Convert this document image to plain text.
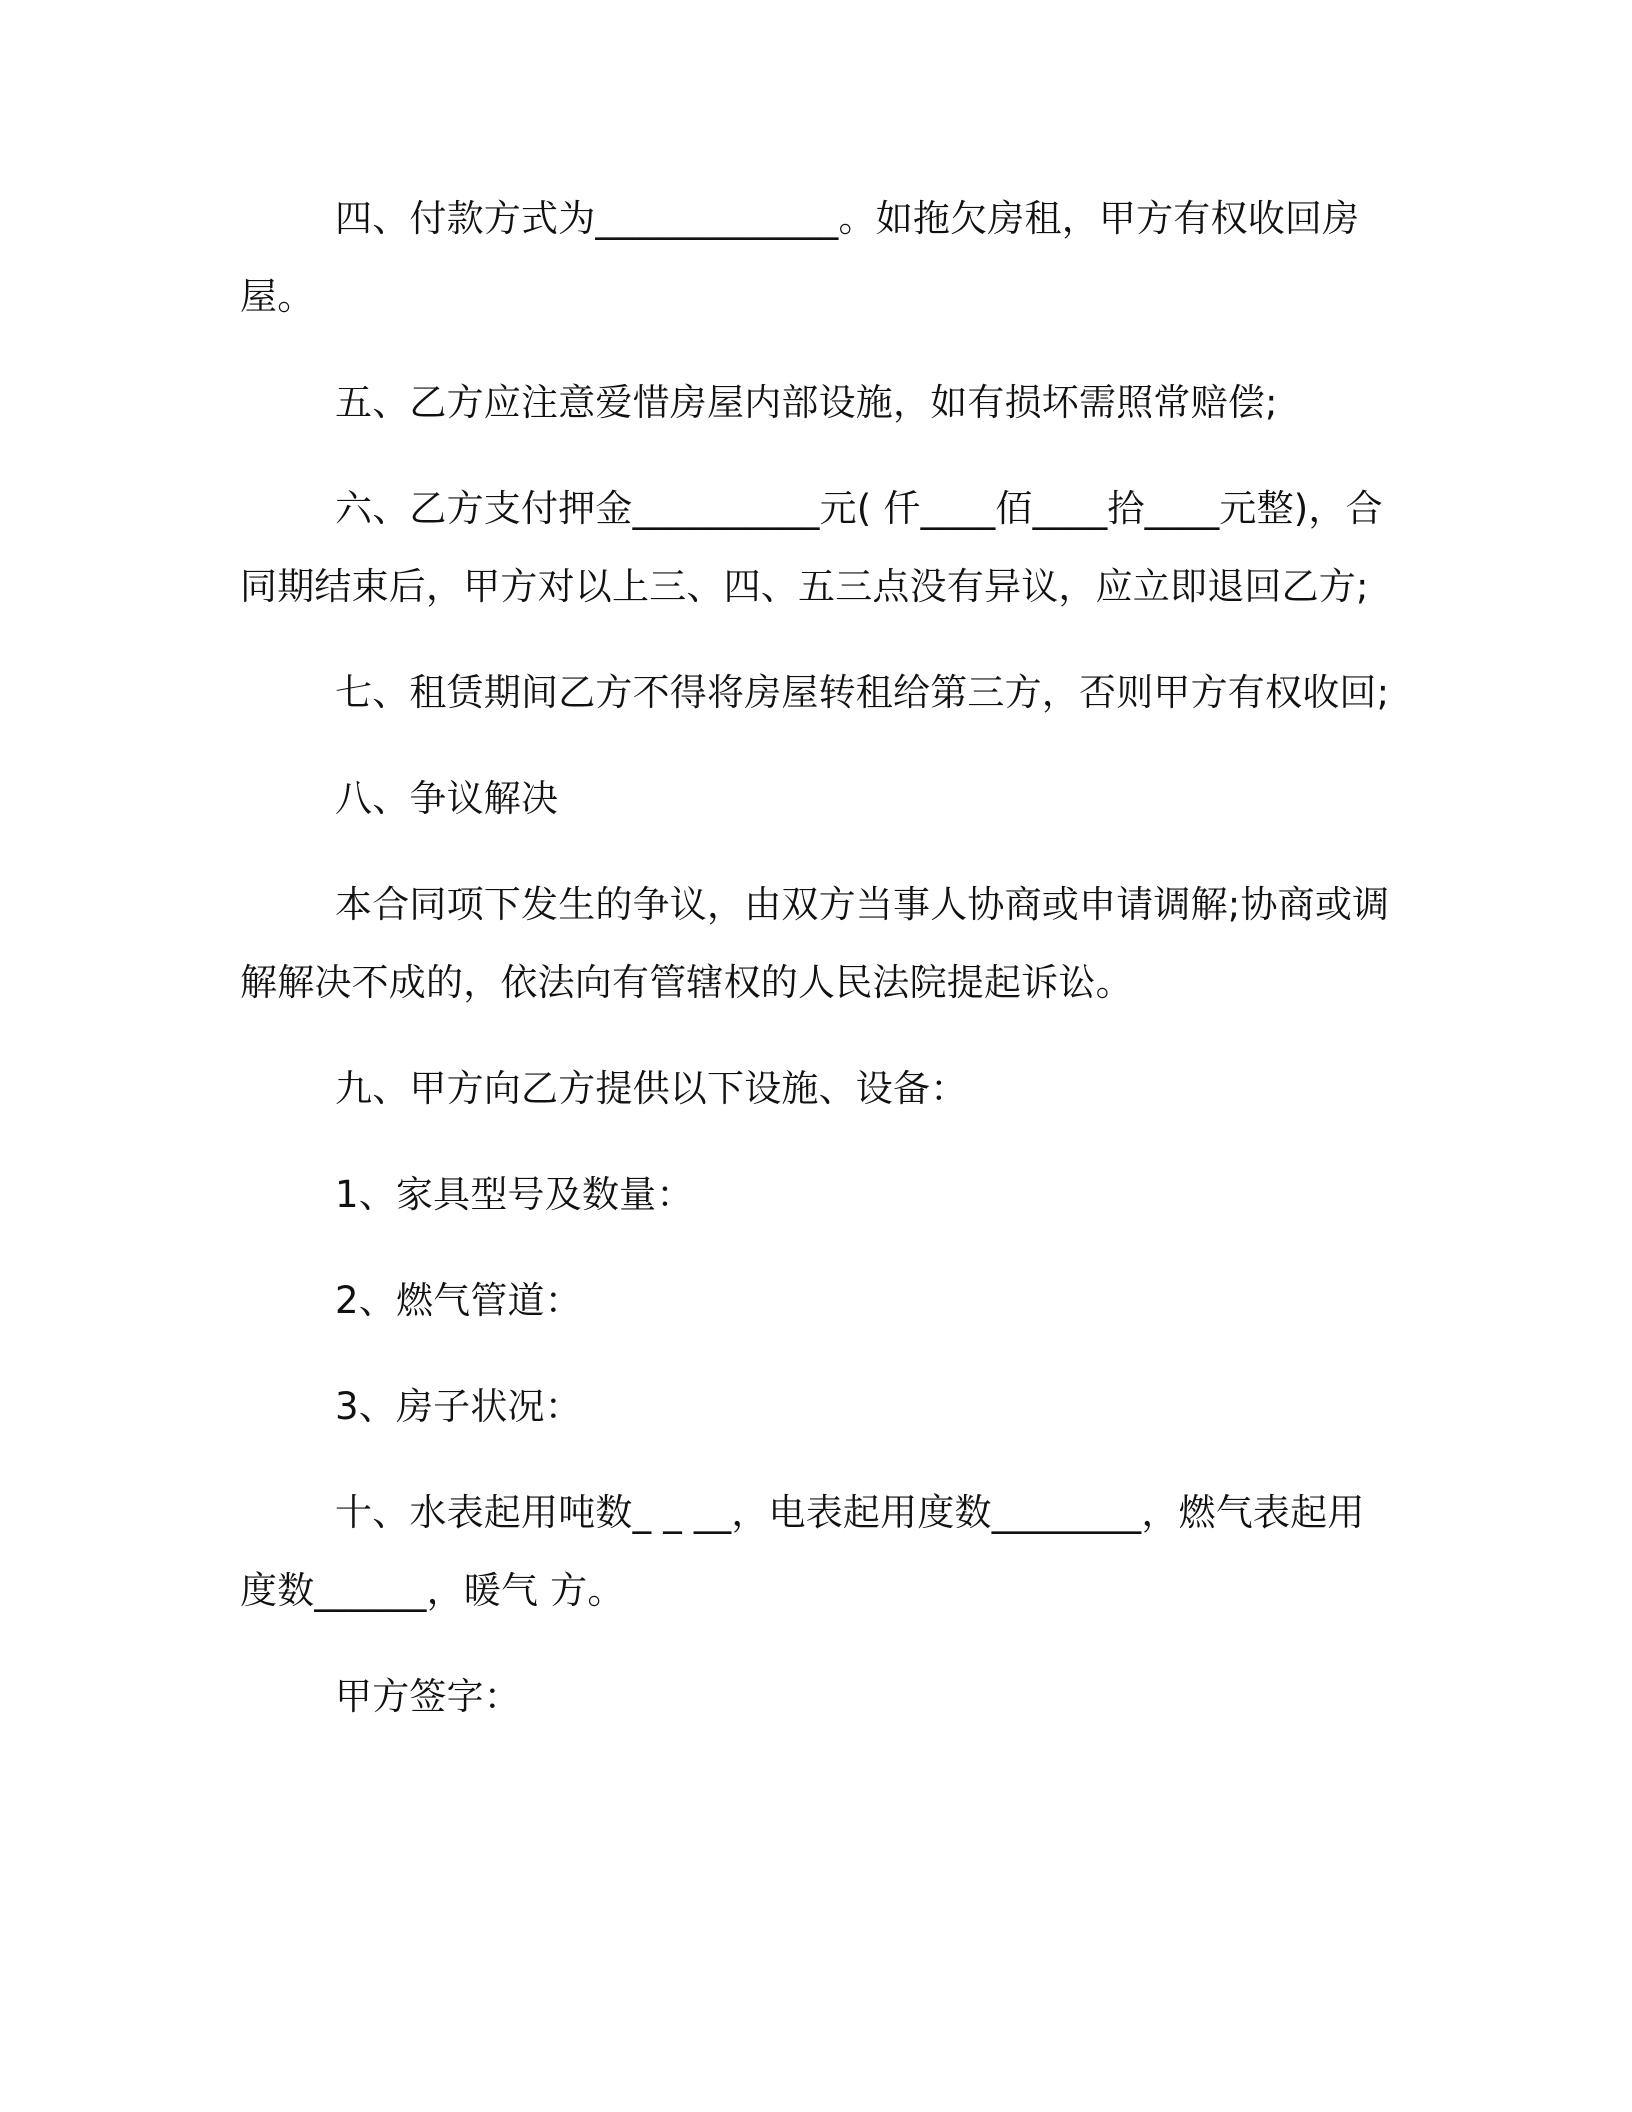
四、付款方式为_____________。如拖欠房租，甲方有权收回房屋。

五、乙方应注意爱惜房屋内部设施，如有损坏需照常赔偿;

六、乙方支付押金__________元( 仟____佰____拾____元整)，合同期结束后，甲方对以上三、四、五三点没有异议，应立即退回乙方;

七、租赁期间乙方不得将房屋转租给第三方，否则甲方有权收回;

八、争议解决

本合同项下发生的争议，由双方当事人协商或申请调解;协商或调解解决不成的，依法向有管辖权的人民法院提起诉讼。

九、甲方向乙方提供以下设施、设备：

1、家具型号及数量：

2、燃气管道：

3、房子状况：

十、水表起用吨数_ _ __，电表起用度数________，燃气表起用度数______，暖气 方。

甲方签字：
